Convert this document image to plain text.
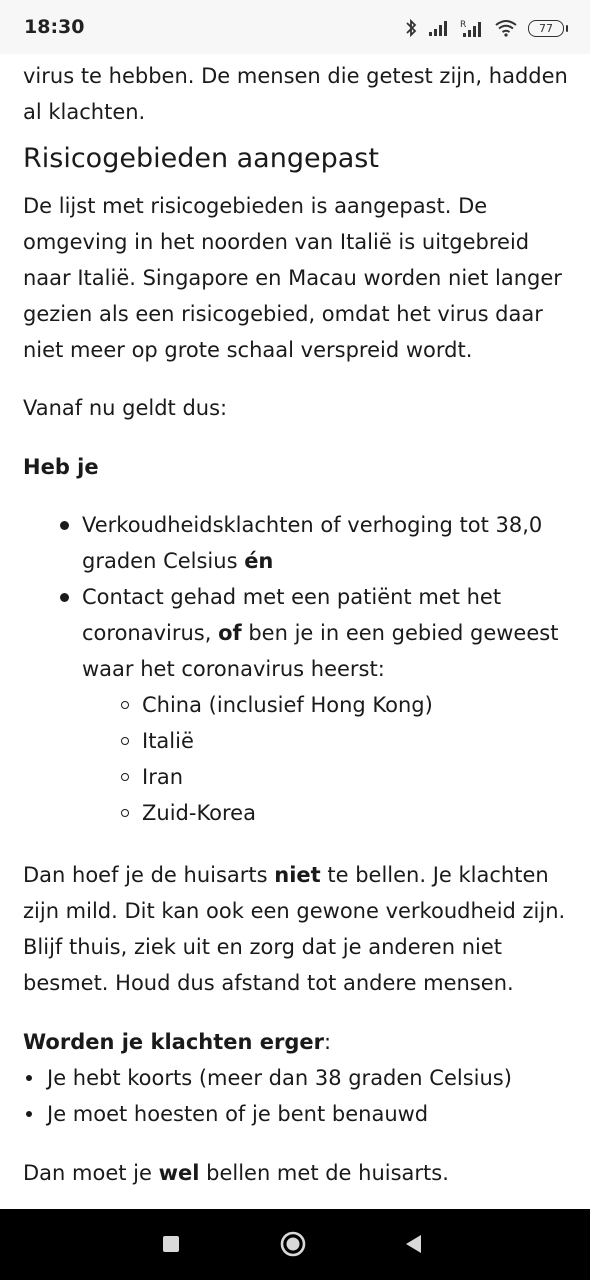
18:30	R	77

virus te hebben. De mensen die getest zijn, hadden al klachten.

Risicogebieden aangepast

De lijst met risicogebieden is aangepast. De omgeving in het noorden van Italië is uitgebreid naar Italië. Singapore en Macau worden niet langer gezien als een risicogebied, omdat het virus daar niet meer op grote schaal verspreid wordt.

Vanaf nu geldt dus:

Heb je

Verkoudheidsklachten of verhoging tot 38,0 graden Celsius én
Contact gehad met een patiënt met het coronavirus, of ben je in een gebied geweest waar het coronavirus heerst:
China (inclusief Hong Kong)
Italië
Iran
Zuid-Korea

Dan hoef je de huisarts niet te bellen. Je klachten zijn mild. Dit kan ook een gewone verkoudheid zijn. Blijf thuis, ziek uit en zorg dat je anderen niet besmet. Houd dus afstand tot andere mensen.

Worden je klachten erger:

Je hebt koorts (meer dan 38 graden Celsius)
Je moet hoesten of je bent benauwd

Dan moet je wel bellen met de huisarts.
